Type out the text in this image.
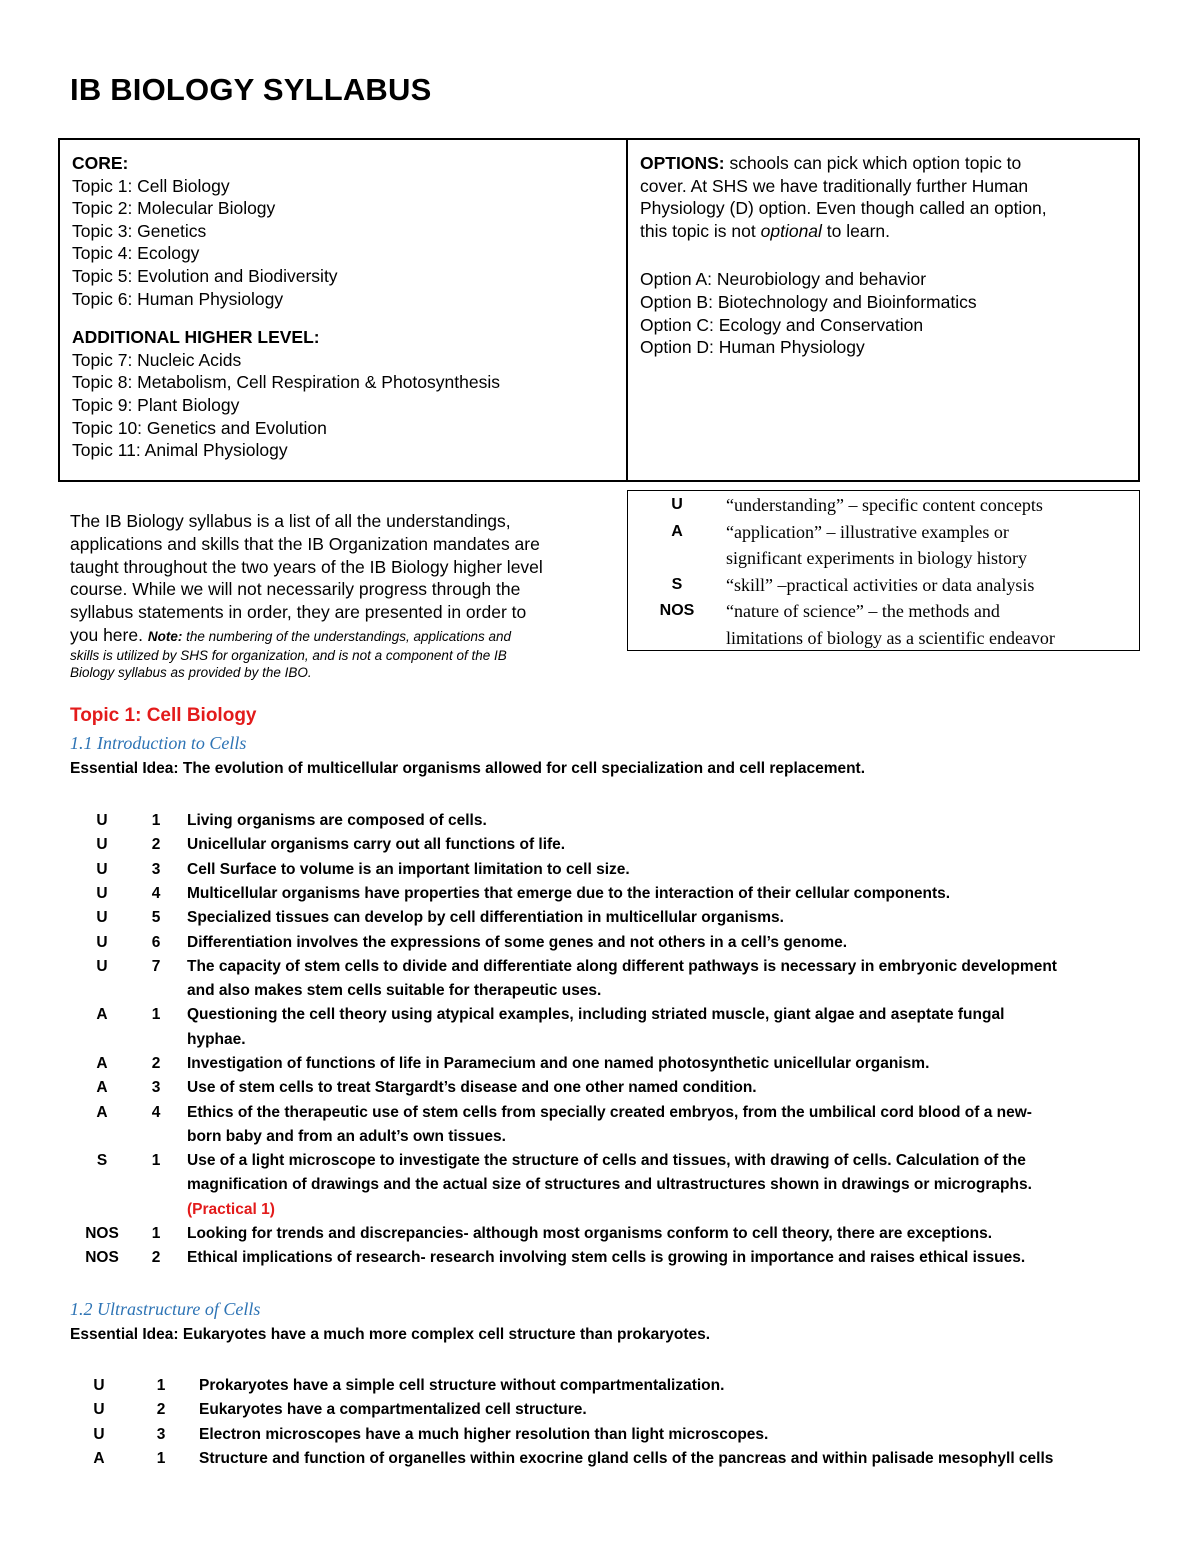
IB BIOLOGY SYLLABUS
CORE:
Topic 1: Cell Biology
Topic 2: Molecular Biology
Topic 3: Genetics
Topic 4: Ecology
Topic 5: Evolution and Biodiversity
Topic 6: Human Physiology
ADDITIONAL HIGHER LEVEL:
Topic 7: Nucleic Acids
Topic 8: Metabolism, Cell Respiration & Photosynthesis
Topic 9: Plant Biology
Topic 10: Genetics and Evolution
Topic 11: Animal Physiology
OPTIONS: schools can pick which option topic to
cover. At SHS we have traditionally further Human
Physiology (D) option. Even though called an option,
this topic is not optional to learn.
Option A: Neurobiology and behavior
Option B: Biotechnology and Bioinformatics
Option C: Ecology and Conservation
Option D: Human Physiology
U	“understanding” – specific content concepts
A	“application” – illustrative examples or
significant experiments in biology history
S	“skill” –practical activities or data analysis
NOS	“nature of science” – the methods and
limitations of biology as a scientific endeavor
The IB Biology syllabus is a list of all the understandings,
applications and skills that the IB Organization mandates are
taught throughout the two years of the IB Biology higher level
course. While we will not necessarily progress through the
syllabus statements in order, they are presented in order to
you here. Note: the numbering of the understandings, applications and
skills is utilized by SHS for organization, and is not a component of the IB
Biology syllabus as provided by the IBO.
Topic 1: Cell Biology
1.1 Introduction to Cells
Essential Idea: The evolution of multicellular organisms allowed for cell specialization and cell replacement.
U	1	Living organisms are composed of cells.
U	2	Unicellular organisms carry out all functions of life.
U	3	Cell Surface to volume is an important limitation to cell size.
U	4	Multicellular organisms have properties that emerge due to the interaction of their cellular components.
U	5	Specialized tissues can develop by cell differentiation in multicellular organisms.
U	6	Differentiation involves the expressions of some genes and not others in a cell’s genome.
U	7	The capacity of stem cells to divide and differentiate along different pathways is necessary in embryonic development
and also makes stem cells suitable for therapeutic uses.
A	1	Questioning the cell theory using atypical examples, including striated muscle, giant algae and aseptate fungal
hyphae.
A	2	Investigation of functions of life in Paramecium and one named photosynthetic unicellular organism.
A	3	Use of stem cells to treat Stargardt’s disease and one other named condition.
A	4	Ethics of the therapeutic use of stem cells from specially created embryos, from the umbilical cord blood of a new-
born baby and from an adult’s own tissues.
S	1	Use of a light microscope to investigate the structure of cells and tissues, with drawing of cells. Calculation of the
magnification of drawings and the actual size of structures and ultrastructures shown in drawings or micrographs.
(Practical 1)
NOS	1	Looking for trends and discrepancies- although most organisms conform to cell theory, there are exceptions.
NOS	2	Ethical implications of research- research involving stem cells is growing in importance and raises ethical issues.
1.2 Ultrastructure of Cells
Essential Idea: Eukaryotes have a much more complex cell structure than prokaryotes.
U	1	Prokaryotes have a simple cell structure without compartmentalization.
U	2	Eukaryotes have a compartmentalized cell structure.
U	3	Electron microscopes have a much higher resolution than light microscopes.
A	1	Structure and function of organelles within exocrine gland cells of the pancreas and within palisade mesophyll cells
